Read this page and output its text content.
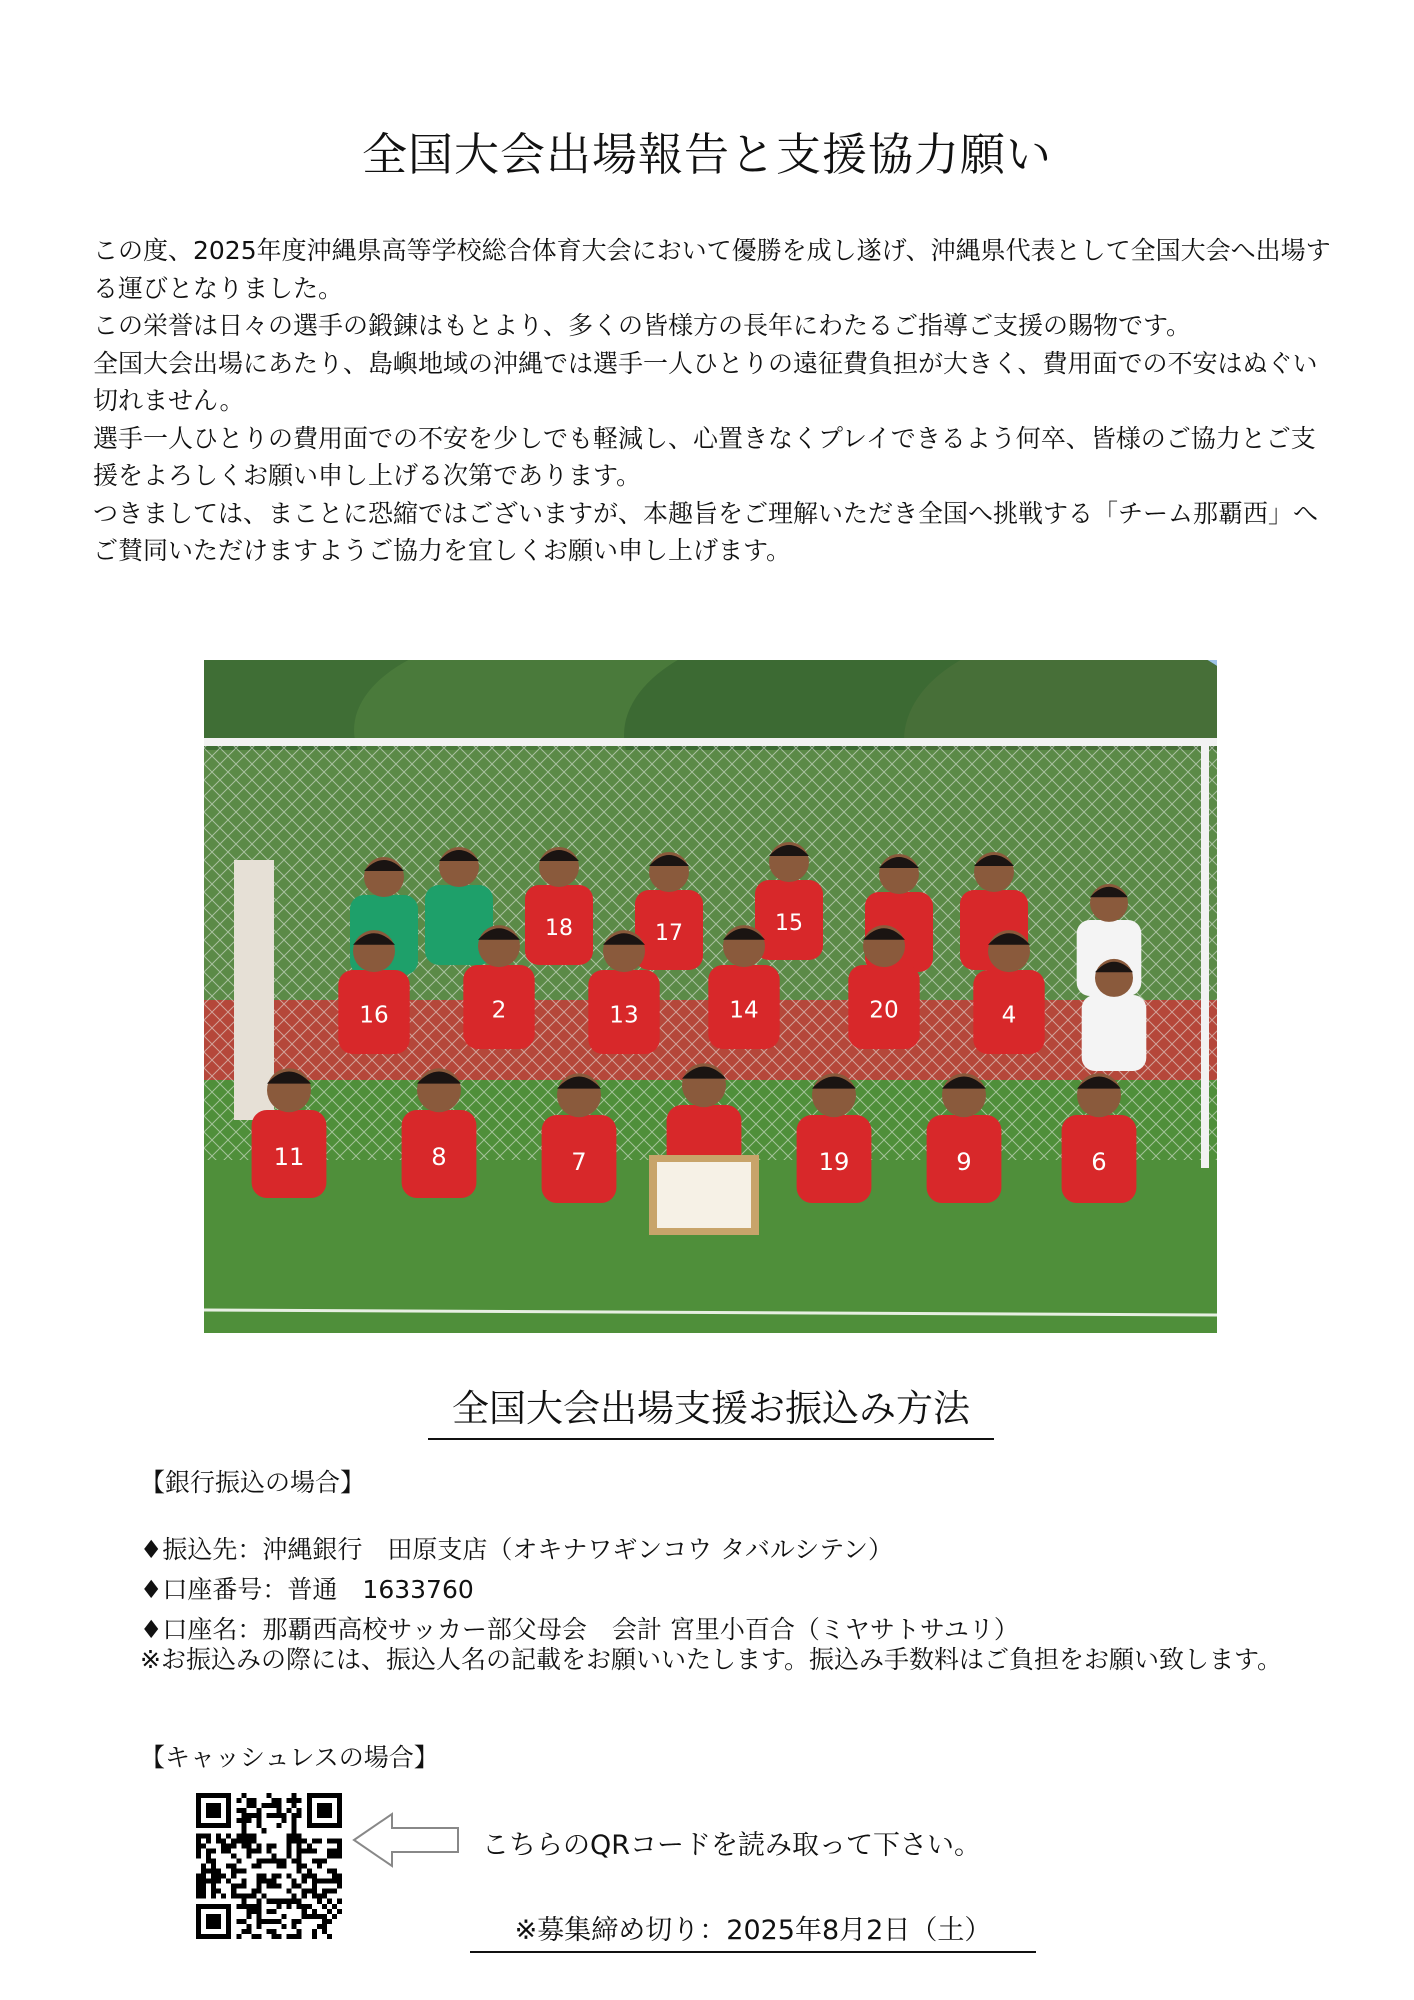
全国大会出場報告と支援協力願い

この度、2025年度沖縄県高等学校総合体育大会において優勝を成し遂げ、沖縄県代表として全国大会へ出場する運びとなりました。

この栄誉は日々の選手の鍛錬はもとより、多くの皆様方の長年にわたるご指導ご支援の賜物です。

全国大会出場にあたり、島嶼地域の沖縄では選手一人ひとりの遠征費負担が大きく、費用面での不安はぬぐい切れません。

選手一人ひとりの費用面での不安を少しでも軽減し、心置きなくプレイできるよう何卒、皆様のご協力とご支援をよろしくお願い申し上げる次第であります。

つきましては、まことに恐縮ではございますが、本趣旨をご理解いただき全国へ挑戦する「チーム那覇西」へご賛同いただけますようご協力を宜しくお願い申し上げます。

18	17	15
16	2	13	14	20	4
11	8	7	19	9	6
全国大会出場支援お振込み方法
【銀行振込の場合】
♦振込先：沖縄銀行　田原支店（オキナワギンコウ タバルシテン）
♦口座番号：普通　1633760
♦口座名：那覇西高校サッカー部父母会　会計 宮里小百合（ミヤサトサユリ）
※お振込みの際には、振込人名の記載をお願いいたします。振込み手数料はご負担をお願い致します。
【キャッシュレスの場合】
こちらのQRコードを読み取って下さい。
※募集締め切り：2025年8月2日（土）
